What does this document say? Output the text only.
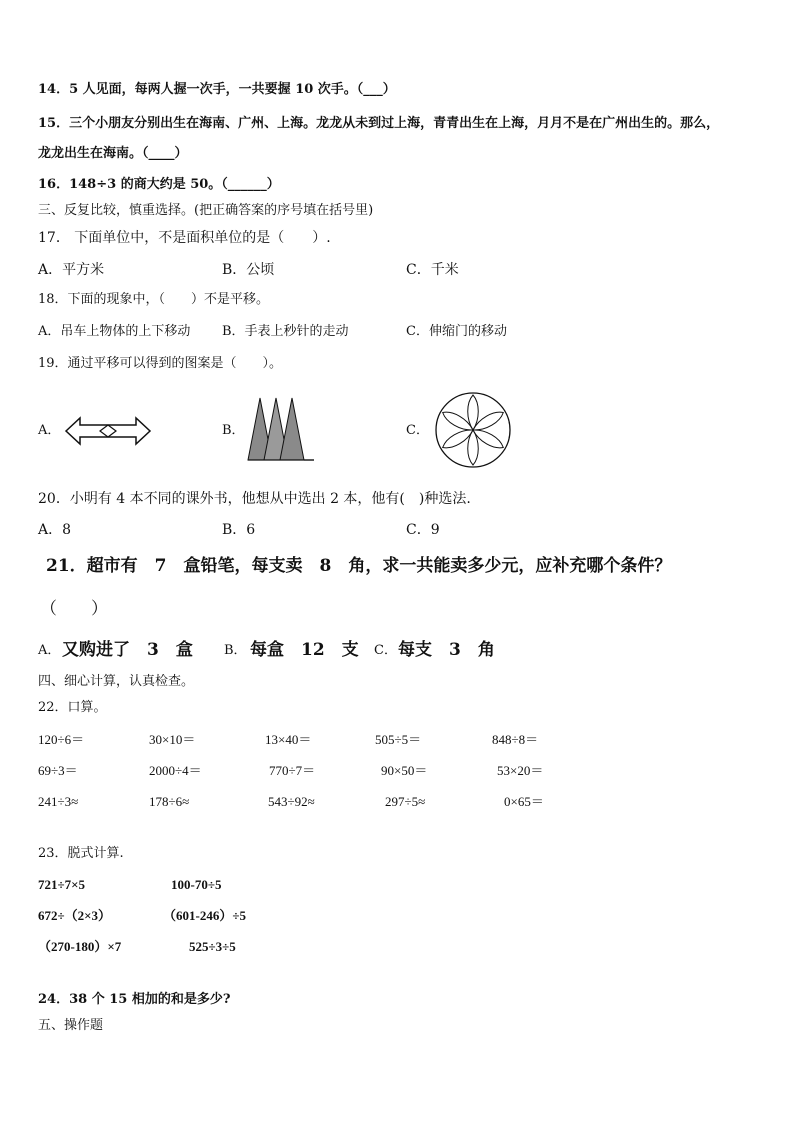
14．5 人见面，每两人握一次手，一共要握 10 次手。（___）
15．三个小朋友分别出生在海南、广州、上海。龙龙从未到过上海，青青出生在上海，月月不是在广州出生的。那么，
龙龙出生在海南。（____）
16．148÷3 的商大约是 50。（______）
三、反复比较，慎重选择。(把正确答案的序号填在括号里)
17． 下面单位中，不是面积单位的是（　　）.
A．平方米	B．公顷	C．千米
18．下面的现象中，（　　）不是平移。
A．吊车上物体的上下移动 B．手表上秒针的走动	C．伸缩门的移动
19．通过平移可以得到的图案是（　　）。
A．	B．	C．
20．小明有 4 本不同的课外书，他想从中选出 2 本，他有(　)种选法.
A．8	B．6	C．9
21．超市有　7　盒铅笔，每支卖　8　角，求一共能卖多少元，应补充哪个条件？
（　　）
A． 又购进了　3　盒 B． 每盒　12　支 C． 每支　3　角
四、细心计算，认真检查。
22．口算。
120÷6＝	30×10＝	13×40＝	505÷5＝	848÷8＝
69÷3＝	2000÷4＝	770÷7＝	90×50＝	53×20＝
241÷3≈	178÷6≈	543÷92≈	297÷5≈	0×65＝
23．脱式计算.
721÷7×5	100-70÷5
672÷（2×3）	（601-246）÷5
（270-180）×7	525÷3÷5
24．38 个 15 相加的和是多少?
五、操作题
